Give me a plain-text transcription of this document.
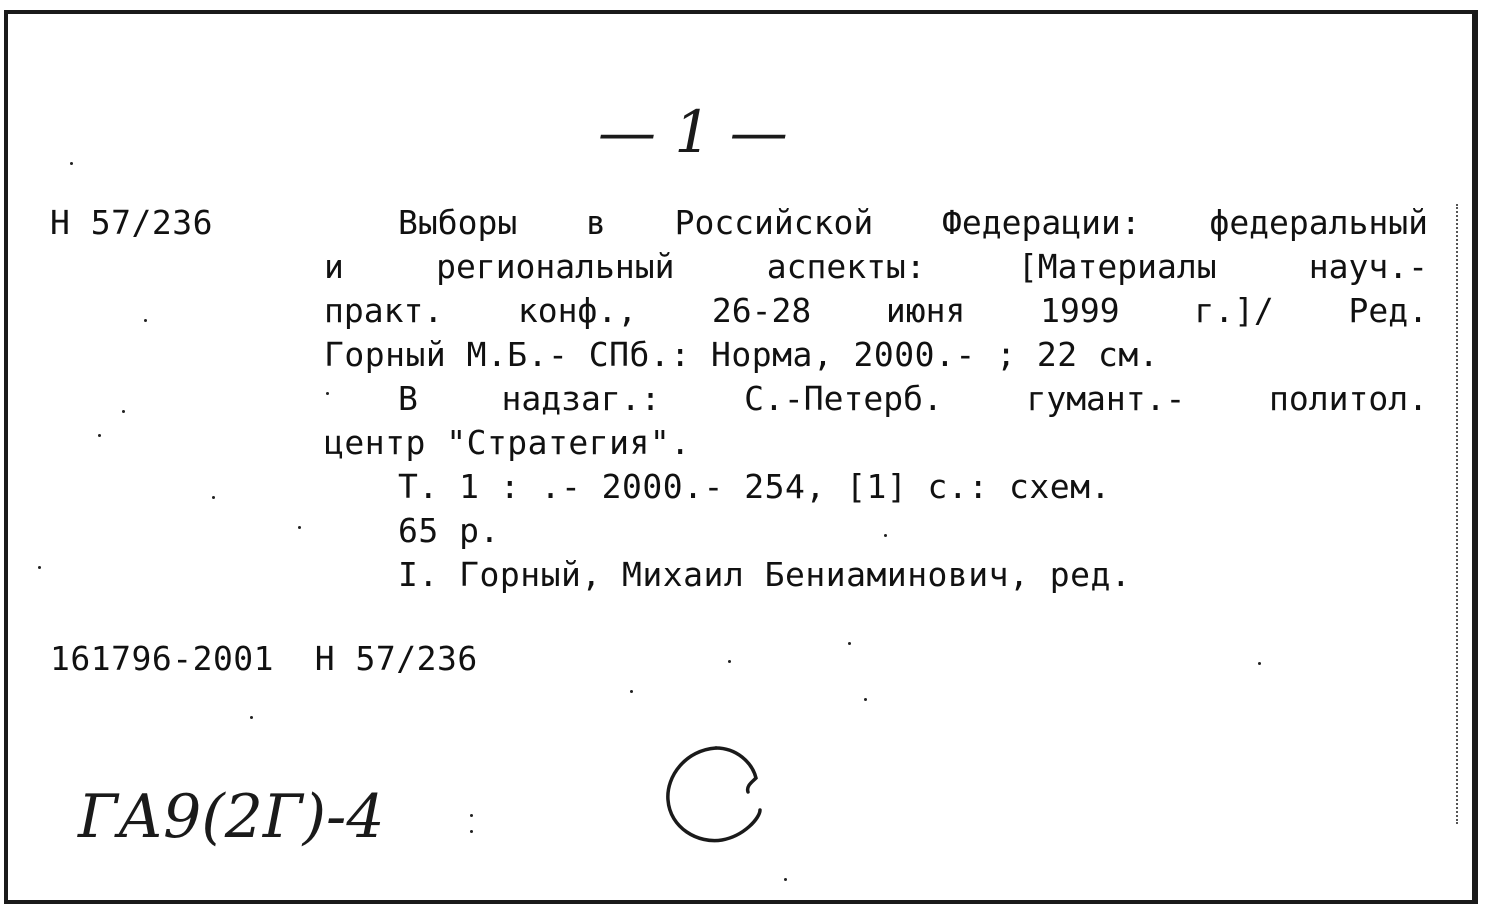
— 1 —
Н 57/236	Выборы в Российской Федерации: федеральный
и региональный аспекты: [Материалы науч.-
практ. конф., 26-28 июня 1999 г.]/ Ред.
Горный М.Б.- СПб.: Норма, 2000.- ; 22 см.
В надзаг.: С.-Петерб. гумант.- политол.
центр "Стратегия".
Т. 1 : .- 2000.- 254, [1] с.: схем.
65 р.
I. Горный, Михаил Бениаминович, ред.
161796-2001  Н 57/236
ГА9(2Г)-4
